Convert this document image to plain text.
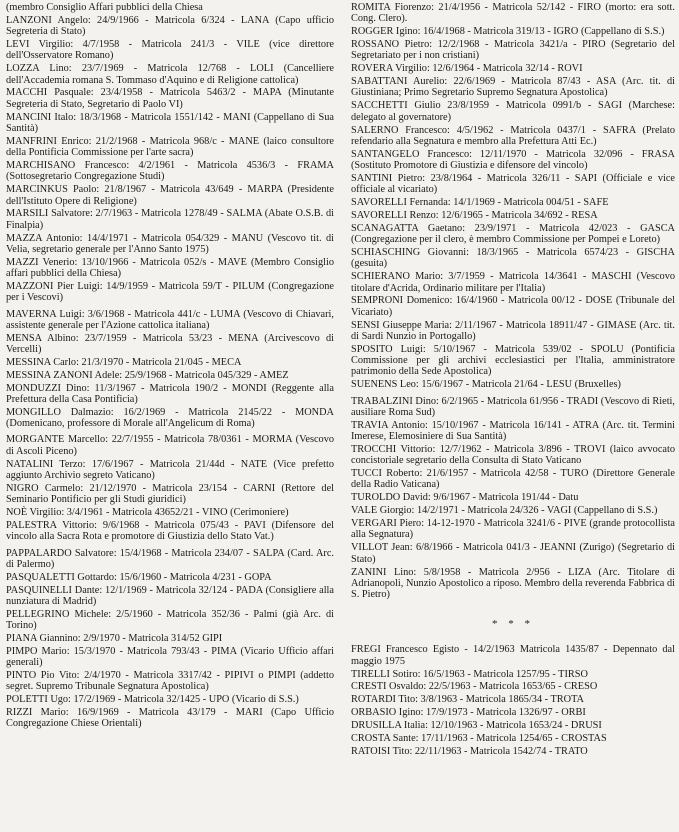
(membro Consiglio Affari pubblici della Chiesa

LANZONI Angelo: 24/9/1966 - Matricola 6/324 - LANA (Capo ufficio Segreteria di Stato)

LEVI Virgilio: 4/7/1958 - Matricola 241/3 - VILE (vice direttore dell'Osservatore Romano)

LOZZA Lino: 23/7/1969 - Matricola 12/768 - LOLI (Cancelliere dell'Accademia romana S. Tommaso d'Aquino e di Religione cattolica)

MACCHI Pasquale: 23/4/1958 - Matricola 5463/2 - MAPA (Minutante Segreteria di Stato, Segretario di Paolo VI)

MANCINI Italo: 18/3/1968 - Matricola 1551/142 - MANI (Cappellano di Sua Santità)

MANFRINI Enrico: 21/2/1968 - Matricola 968/c - MANE (laico consultore della Pontificia Commissione per l'arte sacra)

MARCHISANO Francesco: 4/2/1961 - Matricola 4536/3 - FRAMA (Sottosegretario Congregazione Studi)

MARCINKUS Paolo: 21/8/1967 - Matricola 43/649 - MARPA (Presidente dell'Istituto Opere di Religione)

MARSILI Salvatore: 2/7/1963 - Matricola 1278/49 - SALMA (Abate O.S.B. di Finalpia)

MAZZA Antonio: 14/4/1971 - Matricola 054/329 - MANU (Vescovo tit. di Velia, segretario generale per l'Anno Santo 1975)

MAZZI Venerio: 13/10/1966 - Matricola 052/s - MAVE (Membro Consiglio affari pubblici della Chiesa)

MAZZONI Pier Luigi: 14/9/1959 - Matricola 59/T - PILUM (Congregazione per i Vescovi)

MAVERNA Luigi: 3/6/1968 - Matricola 441/c - LUMA (Vescovo di Chiavari, assistente generale per l'Azione cattolica italiana)

MENSA Albino: 23/7/1959 - Matricola 53/23 - MENA (Arcivescovo di Vercelli)

MESSINA Carlo: 21/3/1970 - Matricola 21/045 - MECA

MESSINA ZANONI Adele: 25/9/1968 - Matricola 045/329 - AMEZ

MONDUZZI Dino: 11/3/1967 - Matricola 190/2 - MONDI (Reggente alla Prefettura della Casa Pontificia)

MONGILLO Dalmazio: 16/2/1969 - Matricola 2145/22 - MONDA (Domenicano, professore di Morale all'Angelicum di Roma)

MORGANTE Marcello: 22/7/1955 - Matricola 78/0361 - MORMA (Vescovo di Ascoli Piceno)

NATALINI Terzo: 17/6/1967 - Matricola 21/44d - NATE (Vice prefetto aggiunto Archivio segreto Vaticano)

NIGRO Carmelo: 21/12/1970 - Matricola 23/154 - CARNI (Rettore del Seminario Pontificio per gli Studi giuridici)

NOÈ Virgilio: 3/4/1961 - Matricola 43652/21 - VINO (Cerimoniere)

PALESTRA Vittorio: 9/6/1968 - Matricola 075/43 - PAVI (Difensore del vincolo alla Sacra Rota e promotore di Giustizia dello Stato Vat.)

PAPPALARDO Salvatore: 15/4/1968 - Matricola 234/07 - SALPA (Card. Arc. di Palermo)

PASQUALETTI Gottardo: 15/6/1960 - Matricola 4/231 - GOPA

PASQUINELLI Dante: 12/1/1969 - Matricola 32/124 - PADA (Consigliere alla nunziatura di Madrid)

PELLEGRINO Michele: 2/5/1960 - Matricola 352/36 - Palmi (già Arc. di Torino)

PIANA Giannino: 2/9/1970 - Matricola 314/52 GIPI

PIMPO Mario: 15/3/1970 - Matricola 793/43 - PIMA (Vicario Ufficio affari generali)

PINTO Pio Vito: 2/4/1970 - Matricola 3317/42 - PIPIVI o PIMPI (addetto segret. Supremo Tribunale Segnatura Apostolica)

POLETTI Ugo: 17/2/1969 - Matricola 32/1425 - UPO (Vicario di S.S.)

RIZZI Mario: 16/9/1969 - Matricola 43/179 - MARI (Capo Ufficio Congregazione Chiese Orientali)

ROMITA Fiorenzo: 21/4/1956 - Matricola 52/142 - FIRO (morto: era sott. Cong. Clero).

ROGGER Igino: 16/4/1968 - Matricola 319/13 - IGRO (Cappellano di S.S.)

ROSSANO Pietro: 12/2/1968 - Matricola 3421/a - PIRO (Segretario del Segretariato per i non cristiani)

ROVERA Virgilio: 12/6/1964 - Matricola 32/14 - ROVI

SABATTANI Aurelio: 22/6/1969 - Matricola 87/43 - ASA (Arc. tit. di Giustiniana; Primo Segretario Supremo Segnatura Apostolica)

SACCHETTI Giulio 23/8/1959 - Matricola 0991/b - SAGI (Marchese: delegato al governatore)

SALERNO Francesco: 4/5/1962 - Matricola 0437/1 - SAFRA (Prelato refendario alla Segnatura e membro alla Prefettura Atti Ec.)

SANTANGELO Francesco: 12/11/1970 - Matricola 32/096 - FRASA (Sostituto Promotore di Giustizia e difensore del vincolo)

SANTINI Pietro: 23/8/1964 - Matricola 326/11 - SAPI (Officiale e vice officiale al vicariato)

SAVORELLI Fernanda: 14/1/1969 - Matricola 004/51 - SAFE

SAVORELLI Renzo: 12/6/1965 - Matricola 34/692 - RESA

SCANAGATTA Gaetano: 23/9/1971 - Matricola 42/023 - GASCA (Congregazione per il clero, è membro Commissione per Pompei e Loreto)

SCHIASCHING Giovanni: 18/3/1965 - Matricola 6574/23 - GISCHA (gesuita)

SCHIERANO Mario: 3/7/1959 - Matricola 14/3641 - MASCHI (Vescovo titolare d'Acrida, Ordinario militare per l'Italia)

SEMPRONI Domenico: 16/4/1960 - Matricola 00/12 - DOSE (Tribunale del Vicariato)

SENSI Giuseppe Maria: 2/11/1967 - Matricola 18911/47 - GIMASE (Arc. tit. di Sardi Nunzio in Portogallo)

SPOSITO Luigi: 5/10/1967 - Matricola 539/02 - SPOLU (Pontificia Commissione per gli archivi ecclesiastici per l'Italia, amministratore patrimonio della Sede Apostolica)

SUENENS Leo: 15/6/1967 - Matricola 21/64 - LESU (Bruxelles)

TRABALZINI Dino: 6/2/1965 - Matricola 61/956 - TRADI (Vescovo di Rieti, ausiliare Roma Sud)

TRAVIA Antonio: 15/10/1967 - Matricola 16/141 - ATRA (Arc. tit. Termini Imerese, Elemosiniere di Sua Santità)

TROCCHI Vittorio: 12/7/1962 - Matricola 3/896 - TROVI (laico avvocato concistoriale segretario della Consulta di Stato Vaticano

TUCCI Roberto: 21/6/1957 - Matricola 42/58 - TURO (Direttore Generale della Radio Vaticana)

TUROLDO David: 9/6/1967 - Matricola 191/44 - Datu

VALE Giorgio: 14/2/1971 - Matricola 24/326 - VAGI (Cappellano di S.S.)

VERGARI Piero: 14-12-1970 - Matricola 3241/6 - PIVE (grande protocollista alla Segnatura)

VILLOT Jean: 6/8/1966 - Matricola 041/3 - JEANNI (Zurigo) (Segretario di Stato)

ZANINI Lino: 5/8/1958 - Matricola 2/956 - LIZA (Arc. Titolare di Adrianopoli, Nunzio Apostolico a riposo. Membro della reverenda Fabbrica di S. Pietro)

* * *

FREGI Francesco Egisto - 14/2/1963 Matricola 1435/87 - Depennato dal maggio 1975

TIRELLI Sotiro: 16/5/1963 - Matricola 1257/95 - TIRSO

CRESTI Osvaldo: 22/5/1963 - Matricola 1653/65 - CRESO

ROTARDI Tito: 3/8/1963 - Matricola 1865/34 - TROTA

ORBASIO Igino: 17/9/1973 - Matricola 1326/97 - ORBI

DRUSILLA Italia: 12/10/1963 - Matricola 1653/24 - DRUSI

CROSTA Sante: 17/11/1963 - Matricola 1254/65 - CROSTAS

RATOISI Tito: 22/11/1963 - Matricola 1542/74 - TRATO
